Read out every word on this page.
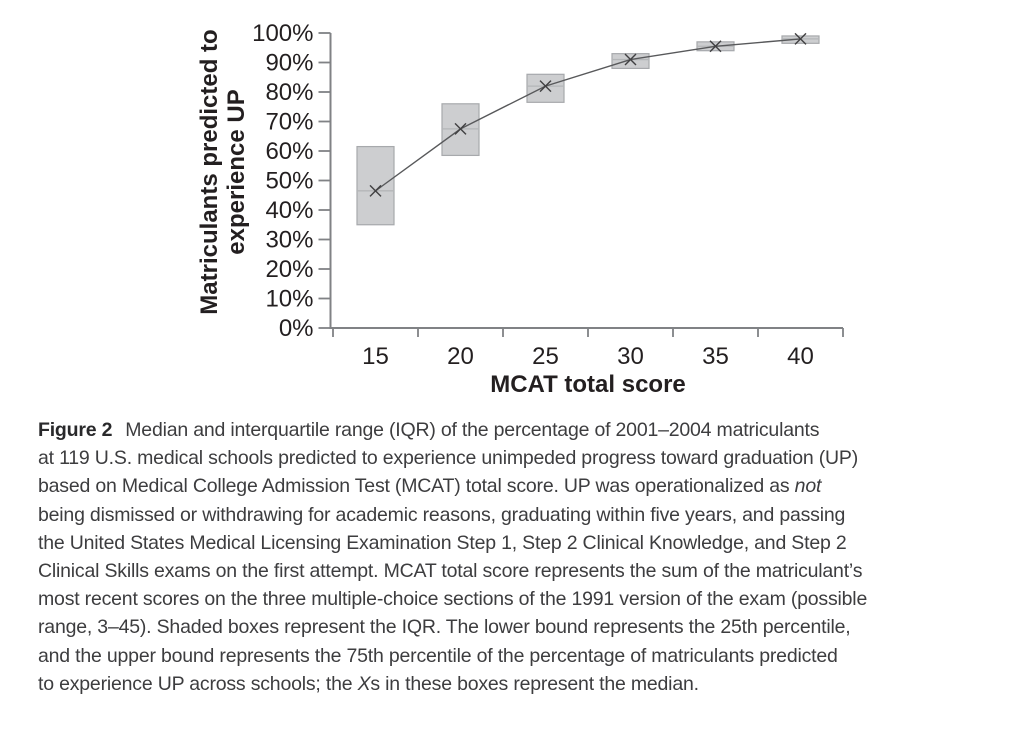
0%
10%
20%
30%
40%
50%
60%
70%
80%
90%
100%
15 20 25 30 35 40
MCAT total score
Matriculants predicted to experience UP
Figure 2 Median and interquartile range (IQR) of the percentage of 2001–2004 matriculants
at 119 U.S. medical schools predicted to experience unimpeded progress toward graduation (UP)
based on Medical College Admission Test (MCAT) total score. UP was operationalized as not
being dismissed or withdrawing for academic reasons, graduating within five years, and passing
the United States Medical Licensing Examination Step 1, Step 2 Clinical Knowledge, and Step 2
Clinical Skills exams on the first attempt. MCAT total score represents the sum of the matriculant’s
most recent scores on the three multiple-choice sections of the 1991 version of the exam (possible
range, 3–45). Shaded boxes represent the IQR. The lower bound represents the 25th percentile,
and the upper bound represents the 75th percentile of the percentage of matriculants predicted
to experience UP across schools; the Xs in these boxes represent the median.
